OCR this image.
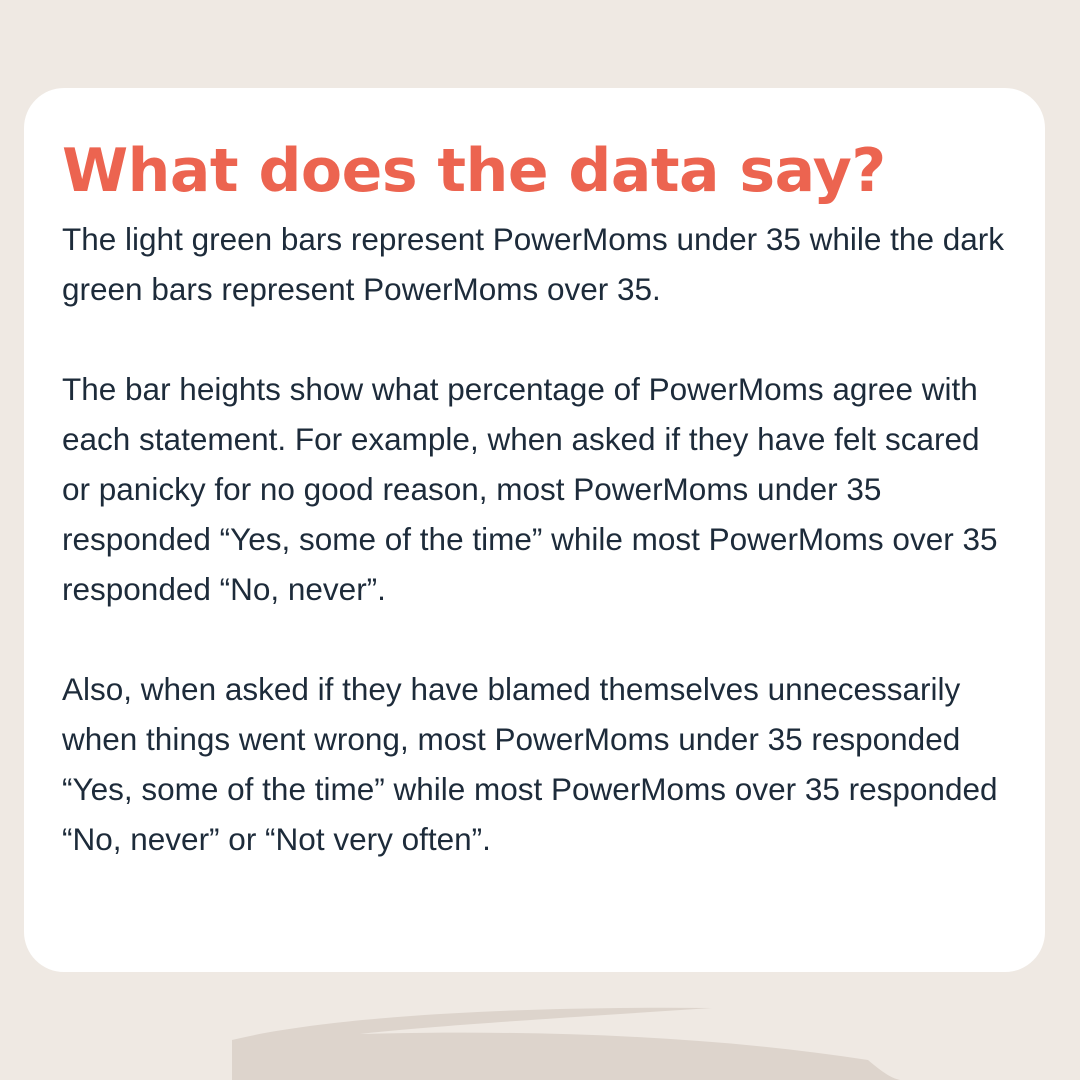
What does the data say?

The light green bars represent PowerMoms under 35 while the dark green bars represent PowerMoms over 35.

The bar heights show what percentage of PowerMoms agree with each statement. For example, when asked if they have felt scared or panicky for no good reason, most PowerMoms under 35 responded “Yes, some of the time” while most PowerMoms over 35 responded “No, never”.

Also, when asked if they have blamed themselves unnecessarily when things went wrong, most PowerMoms under 35 responded “Yes, some of the time” while most PowerMoms over 35 responded “No, never” or “Not very often”.
